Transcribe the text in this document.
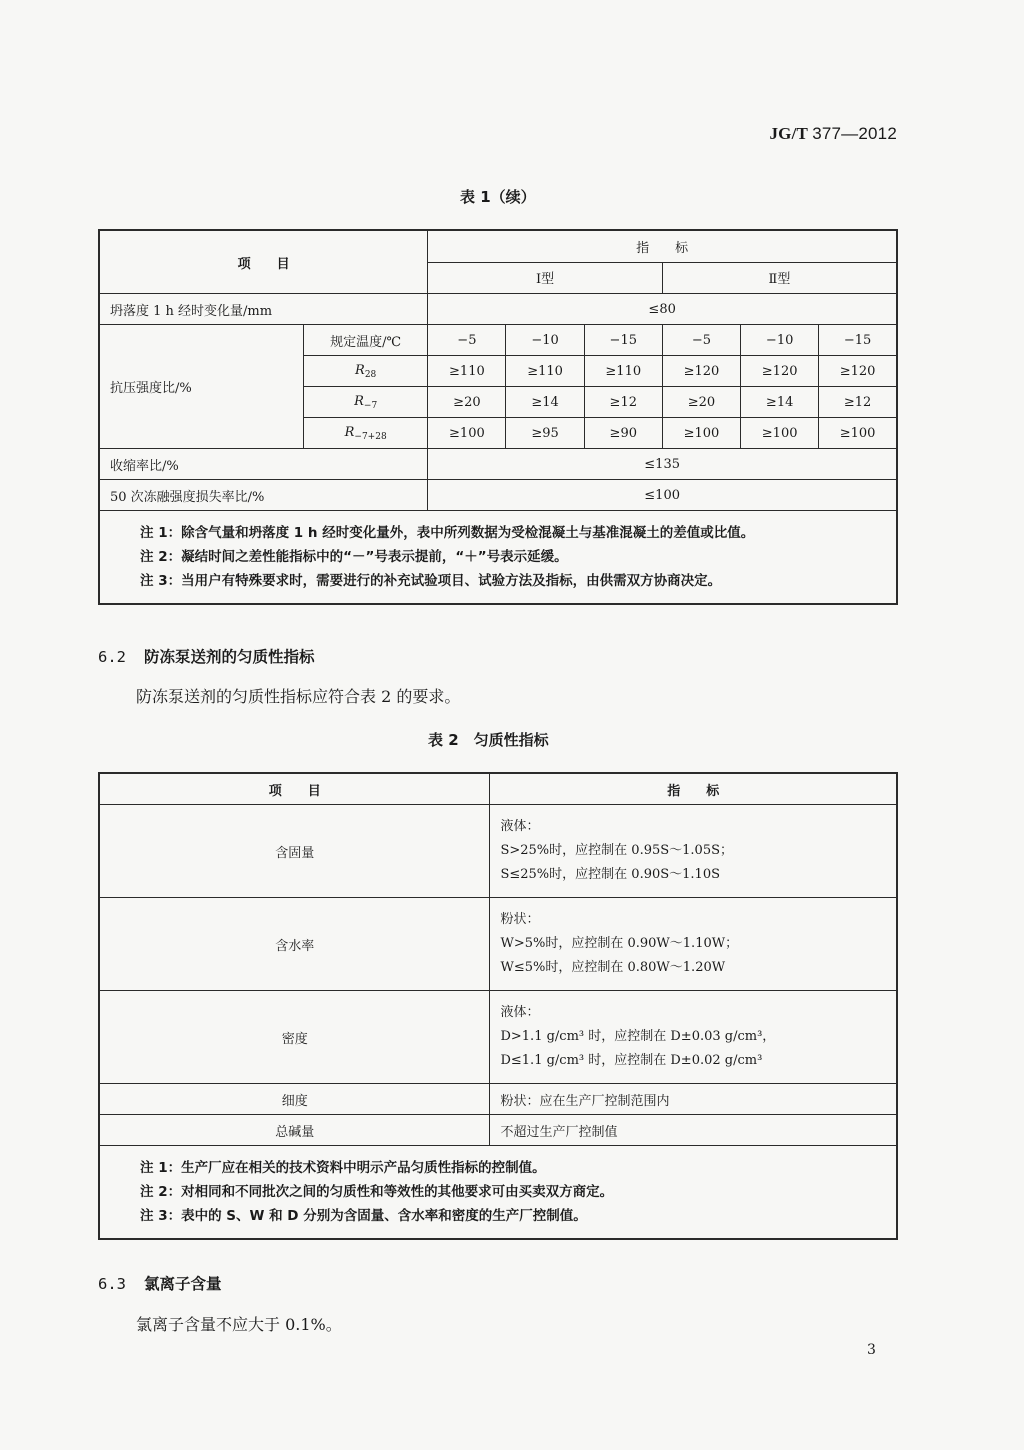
JG/T 377—2012
表 1（续）
项　　目		指　　标					
		Ⅰ型			Ⅱ型		
坍落度 1 h 经时变化量/mm		≤80					
抗压强度比/%	规定温度/℃	−5	−10	−15	−5	−10	−15
	$R_{28}$	≥110	≥110	≥110	≥120	≥120	≥120
	$R_{-7}$	≥20	≥14	≥12	≥20	≥14	≥12
	$R_{-7+28}$	≥100	≥95	≥90	≥100	≥100	≥100
收缩率比/%		≤135					
50 次冻融强度损失率比/%		≤100					

注 1：除含气量和坍落度 1 h 经时变化量外，表中所列数据为受检混凝土与基准混凝土的差值或比值。
注 2：凝结时间之差性能指标中的“－”号表示提前，“＋”号表示延缓。
注 3：当用户有特殊要求时，需要进行的补充试验项目、试验方法及指标，由供需双方协商决定。							
6.2 防冻泵送剂的匀质性指标
防冻泵送剂的匀质性指标应符合表 2 的要求。
表 2　匀质性指标
项　　目	指　　标
含固量	液体：
S>25%时，应控制在 0.95S～1.05S；
S≤25%时，应控制在 0.90S～1.10S

含水率	粉状：
W>5%时，应控制在 0.90W～1.10W；
W≤5%时，应控制在 0.80W～1.20W

密度	液体：
D>1.1 g/cm³ 时，应控制在 D±0.03 g/cm³，
D≤1.1 g/cm³ 时，应控制在 D±0.02 g/cm³

细度	粉状：应在生产厂控制范围内
总碱量	不超过生产厂控制值

注 1：生产厂应在相关的技术资料中明示产品匀质性指标的控制值。
注 2：对相同和不同批次之间的匀质性和等效性的其他要求可由买卖双方商定。
注 3：表中的 S、W 和 D 分别为含固量、含水率和密度的生产厂控制值。	
6.3 氯离子含量
氯离子含量不应大于 0.1%。
3
